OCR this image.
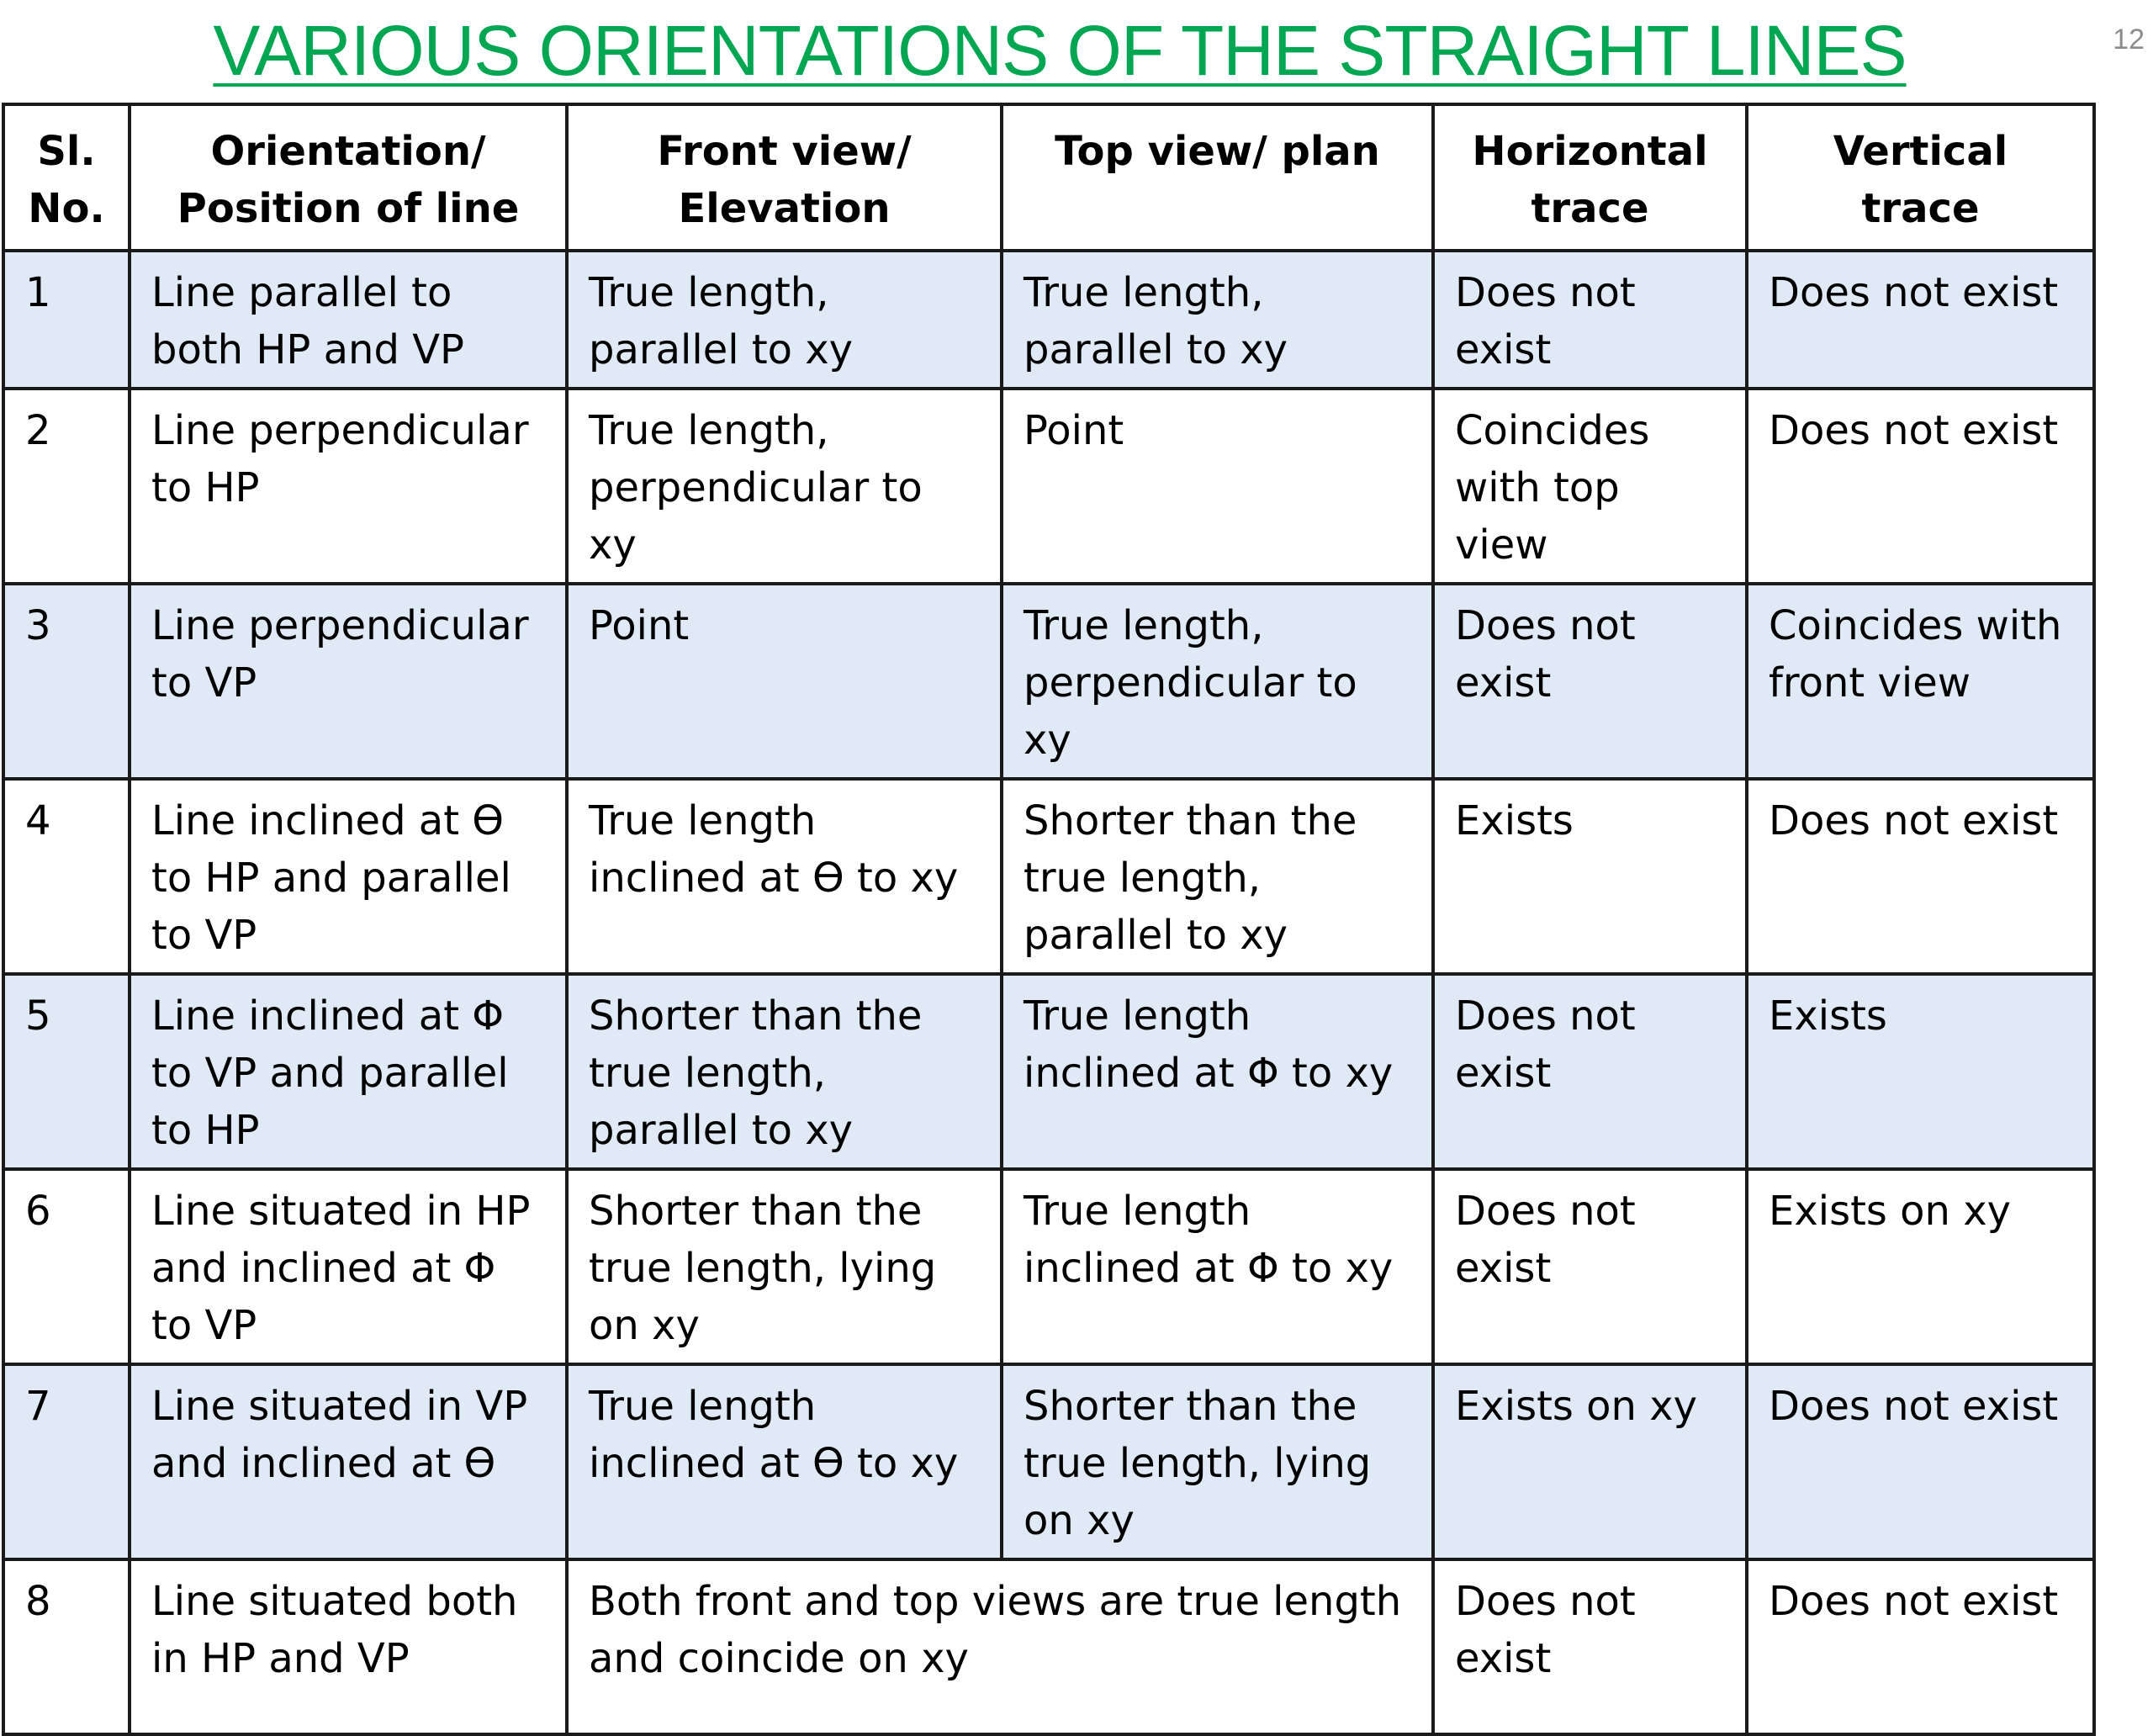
VARIOUS ORIENTATIONS OF THE STRAIGHT LINES	12
Sl. No.	Orientation/ Position of line	Front view/ Elevation	Top view/ plan	Horizontal trace	Vertical trace
1	Line parallel to both HP and VP	True length, parallel to xy	True length, parallel to xy	Does not exist	Does not exist
2	Line perpendicular to HP	True length, perpendicular to xy	Point	Coincides with top view	Does not exist
3	Line perpendicular to VP	Point	True length, perpendicular to xy	Does not exist	Coincides with front view
4	Line inclined at Ө to HP and parallel to VP	True length inclined at Ө to xy	Shorter than the true length, parallel to xy	Exists	Does not exist
5	Line inclined at Φ to VP and parallel to HP	Shorter than the true length, parallel to xy	True length inclined at Φ to xy	Does not exist	Exists
6	Line situated in HP and inclined at Φ to VP	Shorter than the true length, lying on xy	True length inclined at Φ to xy	Does not exist	Exists on xy
7	Line situated in VP and inclined at Ө	True length inclined at Ө to xy	Shorter than the true length, lying on xy	Exists on xy	Does not exist
8	Line situated both in HP and VP	Both front and top views are true length and coincide on xy		Does not exist	Does not exist
